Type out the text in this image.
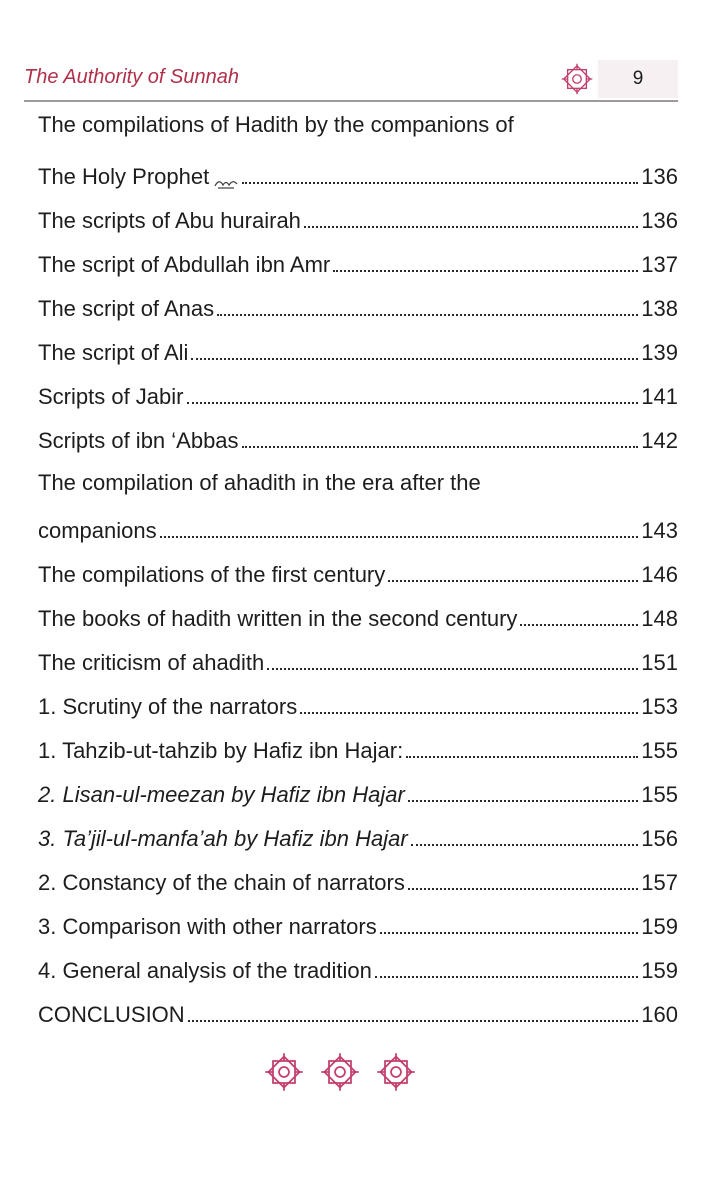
The Authority of Sunnah	9
The compilations of Hadith by the companions of
The Holy Prophet	136
The scripts of Abu hurairah	136
The script of Abdullah ibn Amr	137
The script of Anas	138
The script of Ali	139
Scripts of Jabir	141
Scripts of ibn ‘Abbas	142
The compilation of ahadith in the era after the
companions	143
The compilations of the first century	146
The books of hadith written in the second century	148
The criticism of ahadith	151
1. Scrutiny of the narrators	153
1. Tahzib-ut-tahzib by Hafiz ibn Hajar:	155
2. Lisan-ul-meezan by Hafiz ibn Hajar	155
3. Ta’jil-ul-manfa’ah by Hafiz ibn Hajar	156
2. Constancy of the chain of narrators	157
3. Comparison with other narrators	159
4. General analysis of the tradition	159
CONCLUSION	160
